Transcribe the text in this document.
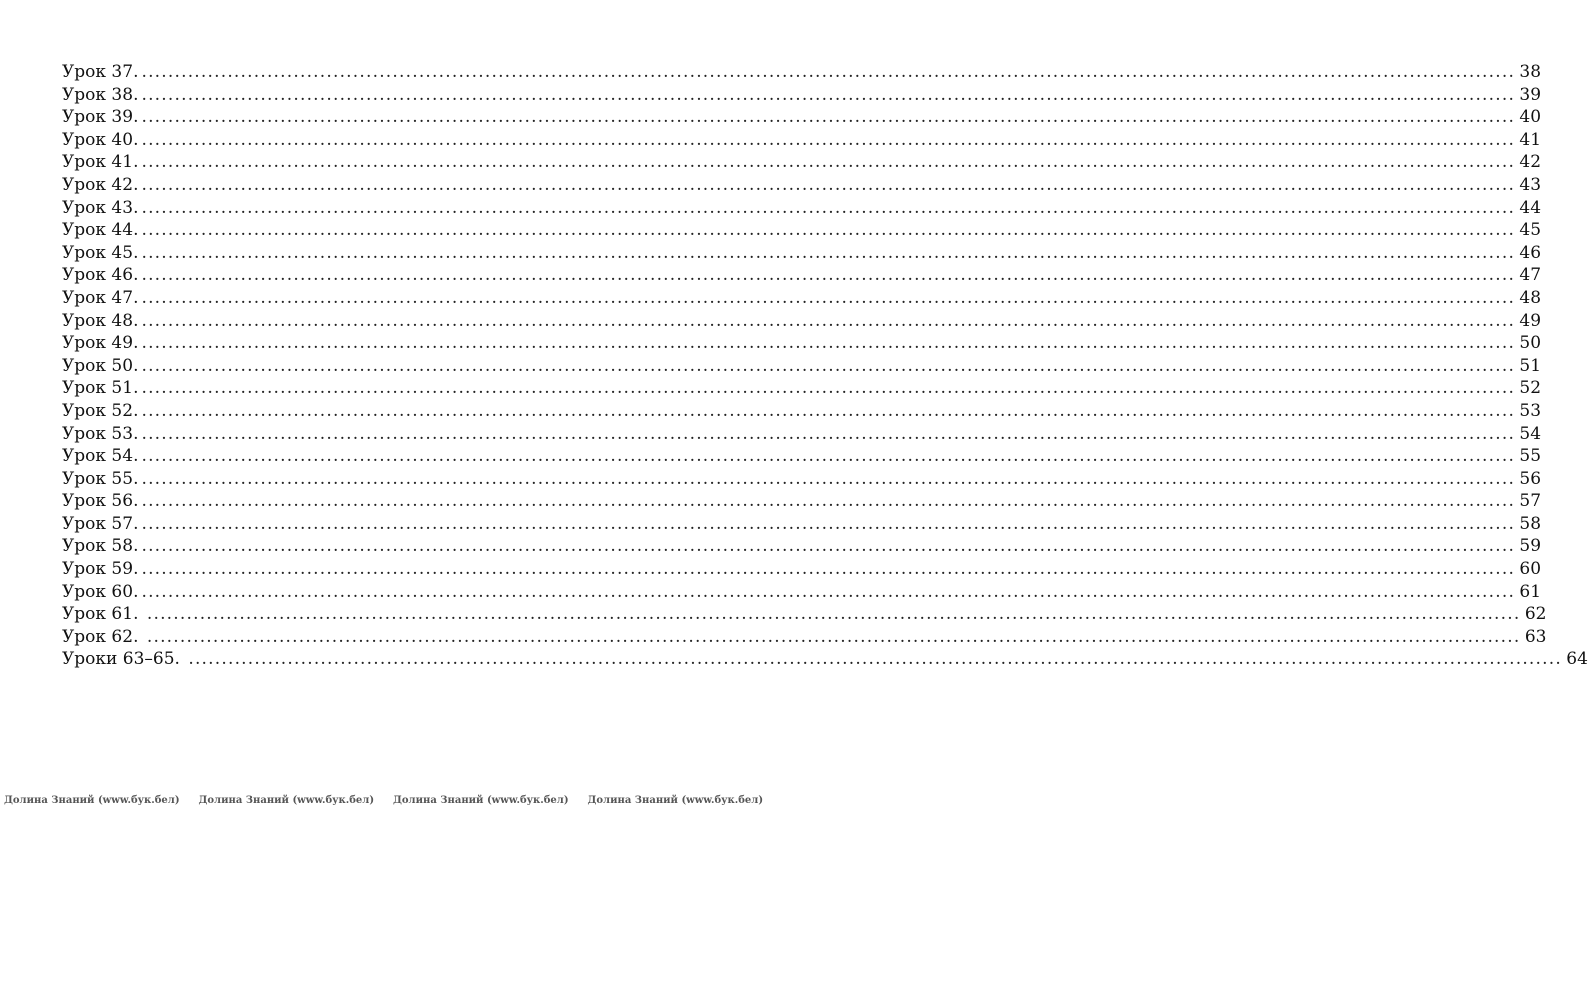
Урок 37. .....	38
Урок 38. .....	39
Урок 39. .....	40
Урок 40. .....	41
Урок 41. .....	42
Урок 42. .....	43
Урок 43. .....	44
Урок 44. .....	45
Урок 45. .....	46
Урок 46. .....	47
Урок 47. .....	48
Урок 48. .....	49
Урок 49. .....	50
Урок 50. .....	51
Урок 51. .....	52
Урок 52. .....	53
Урок 53. .....	54
Урок 54. .....	55
Урок 55. .....	56
Урок 56. .....	57
Урок 57. .....	58
Урок 58. .....	59
Урок 59. .....	60
Урок 60. .....	61
Урок 61. .....	62
Урок 62. .....	63
Уроки 63–65. .....	64
Долина Знаний (www.бук.бел) Долина Знаний (www.бук.бел) Долина Знаний (www.бук.бел) Долина Знаний (www.бук.бел)
